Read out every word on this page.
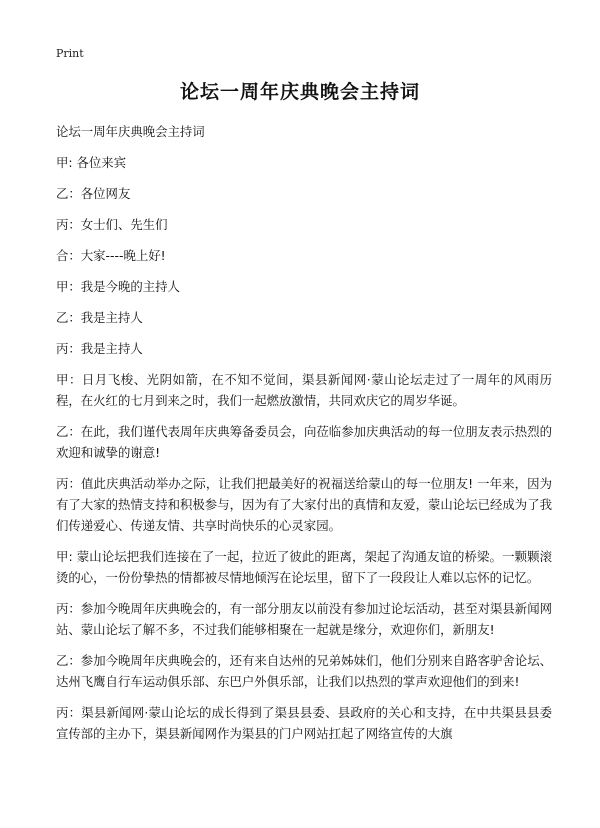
Print
论坛一周年庆典晚会主持词

论坛一周年庆典晚会主持词

甲: 各位来宾

乙：各位网友

丙：女士们、先生们

合：大家----晚上好!

甲：我是今晚的主持人

乙：我是主持人

丙：我是主持人

甲：日月飞梭、光阴如箭，在不知不觉间，渠县新闻网·蒙山论坛走过了一周年的风雨历程，在火红的七月到来之时，我们一起燃放激情，共同欢庆它的周岁华诞。

乙：在此，我们谨代表周年庆典筹备委员会，向莅临参加庆典活动的每一位朋友表示热烈的欢迎和诚挚的谢意!

丙：值此庆典活动举办之际，让我们把最美好的祝福送给蒙山的每一位朋友! 一年来，因为有了大家的热情支持和积极参与，因为有了大家付出的真情和友爱，蒙山论坛已经成为了我们传递爱心、传递友情、共享时尚快乐的心灵家园。

甲: 蒙山论坛把我们连接在了一起，拉近了彼此的距离，架起了沟通友谊的桥梁。一颗颗滚烫的心，一份份挚热的情都被尽情地倾泻在论坛里，留下了一段段让人难以忘怀的记忆。

丙：参加今晚周年庆典晚会的，有一部分朋友以前没有参加过论坛活动，甚至对渠县新闻网站、蒙山论坛了解不多，不过我们能够相聚在一起就是缘分，欢迎你们，新朋友!

乙：参加今晚周年庆典晚会的，还有来自达州的兄弟姊妹们，他们分别来自路客驴舍论坛、达州飞鹰自行车运动俱乐部、东巴户外俱乐部，让我们以热烈的掌声欢迎他们的到来!

丙：渠县新闻网·蒙山论坛的成长得到了渠县县委、县政府的关心和支持，在中共渠县县委宣传部的主办下，渠县新闻网作为渠县的门户网站扛起了网络宣传的大旗
